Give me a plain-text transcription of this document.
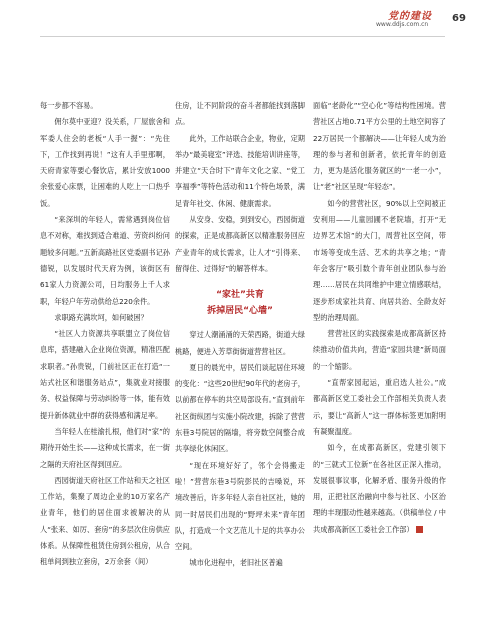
党的建设
www.ddjs.com.cn
69

每一步都不容易。

佣尔莫中亚迎？没关系，厂屋旅舍和军委人住会的老板“人手一握”：“先住下，工作找到再说！”这有人手里那啊，天府青家等要心餐饮店，累计安放1000余张爱心床票，让困难的人吃上一口热乎饭。

“来深圳的年轻人，需常遇到岗位信息不对称，难找到适合难道、劳资纠纷问题较多问题。”五新高路社区党委副书记孙德锐，以发展时代天府为例，该街区有61家人力资源公司，日均服务上千人求职，年轻户年劳动供给总220余件。

求职路充满坎坷，如何破困？

“社区人力资源共享联盟立了岗位信息库，搭建融入企业岗位资源，精准匹配求职者。”孙贵锐，门前社区正在打造“一站式社区和谐服务站点”，集就业对接服务、权益保障与劳动纠纷等一体，能有效提升新体就业中群的获得感和满足率。

当年轻人在桂渝扎根，他们对“家”的期待开始生长——这种成长需求，在一街之隔的天府社区得到回应。

西园街道天府社区工作站和天之社区工作站，集聚了周边企业的10万家名产业青年，他们的居住面求被解决的从人“张来、如厉、套房”的多层次住房供应体系。从保障性租赁住房到公租房，从合租单间到独立套房，2万余套（间）

住房，让不同阶段的奋斗者都能找到落脚点。

此外，工作站联合企业，物业，定期举办“最美寝室”评选、技能培训讲座等，并建立“天合时下”青年文化之家、“党工享福季”等特色活动和11个特色场景，满足青年社交、休闲、健康需求。

从安身、安稳，到到安心，西园街道的探索，正是成都高新区以精准服务回应产业青年的成长需求，让人才“引得来、留得住、过得好”的解答样本。

“家社”共育
拆掉居民“心墙”

穿过人潮涌涌的天荣西路，街道大绿桃路，便进入芳草街街道营营社区。

夏日的晨光中，居民们谈起居住环境的变化：“这些20世纪90年代的老房子，以前都在停车的共空局部设有。”直到前年社区街纵团与实施小院改建，拆除了营营东巷3号院居的隔墙，将旁数空间整合成共享绿化休闲区。

“现在环境好好了，邻个会得搬走啦！”营营东巷3号院彭民的吉嗓说，环境改善后，许多年轻人亲自社区社，她的同一时居民们出现的“野坪未来”青年团队，打造成一个文艺范儿十足的共享办公空间。

城市化进程中，老旧社区普遍

面临“老龄化”“空心化”等结构性困境。营营社区占地0.71平方公里的土地空间容了22万居民一个都解决——让年轻人成为治理的参与者和创新者，依托青年的创造力，更为是活化服务就区的“一老一小”，让“老”社区呈现“年轻态”。

如今的营营社区，90%以上空间被正安利用——儿童园圃不老院墙，打开“无边界艺术馆”的大门，周营社区空间，带市场等变成生活、艺术的共享之地；“青年会客厅”吸引数个青年创业团队参与治理……居民在共同维护中建立情感联结，逐步形成家社共育、向居共治、全龄友好型的治理局面。

营营社区的实践探索是成都高新区持续推动价值共向，营造“家园共建”新局面的一个缩影。

“直帮家园起运，重启选人社公。”成都高新区党工委社会工作部相关负责人表示，要让“高新人”这一群体标签更加附明有凝聚温度。

如今，在成都高新区，党建引领下的“三就式工位新”在各社区正深入推动，发展很事议事，化解矛盾、服务升级的作用，正把社区治融向中参与社区、小区治理的丰现服动性越来越高。（供稿单位 / 中共成都高新区工委社会工作部）
